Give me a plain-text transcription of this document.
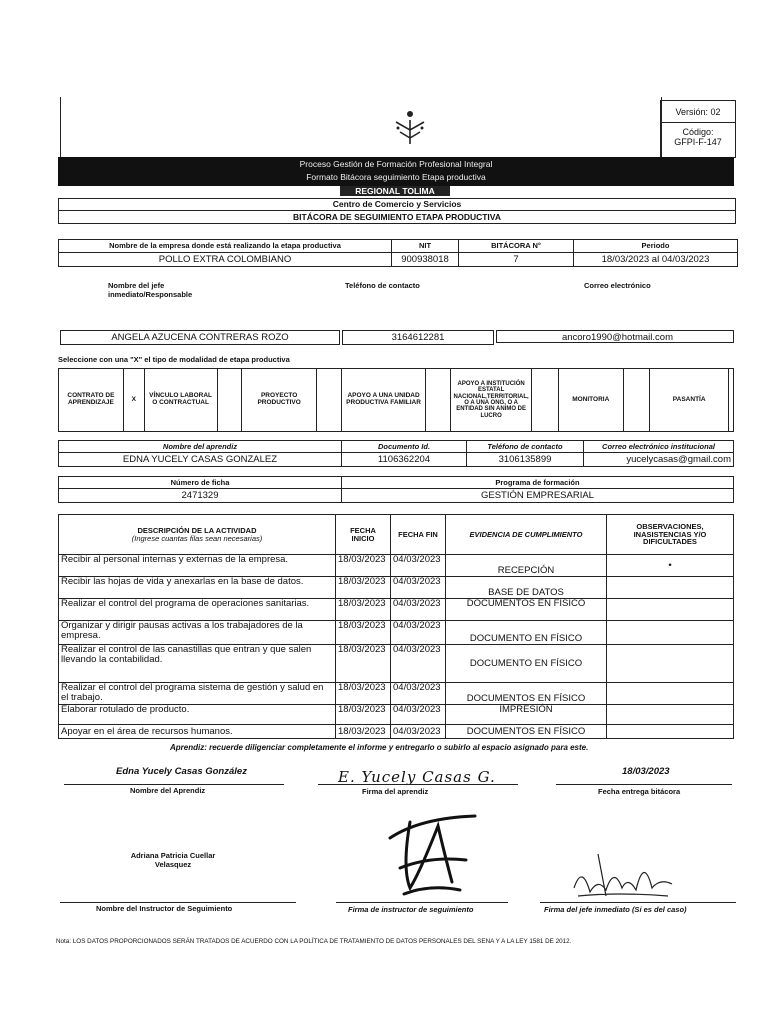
Versión: 02
Código:
GFPI-F-147
Proceso Gestión de Formación Profesional Integral
Formato Bitácora seguimiento Etapa productiva
REGIONAL TOLIMA
Centro de Comercio y Servicios
BITÁCORA DE SEGUIMIENTO ETAPA PRODUCTIVA
Nombre de la empresa donde está realizando la etapa productiva	NIT	BITÁCORA N°	Periodo
POLLO EXTRA COLOMBIANO	900938018	7	18/03/2023 al 04/03/2023
Nombre del jefe inmediato/Responsable
Teléfono de contacto	Correo electrónico
ANGELA AZUCENA CONTRERAS ROZO	3164612281	ancoro1990@hotmail.com
Seleccione con una "X" el tipo de modalidad de etapa productiva
CONTRATO DE APRENDIZAJE	X	VÍNCULO LABORAL O CONTRACTUAL		PROYECTO PRODUCTIVO		APOYO A UNA UNIDAD PRODUCTIVA FAMILIAR		APOYO A INSTITUCIÓN ESTATAL NACIONAL,TERRITORIAL, O A UNA ONG, O A ENTIDAD SIN ANIMO DE LUCRO		MONITORIA		PASANTÍA	
Nombre del aprendiz	Documento Id.	Teléfono de contacto	Correo electrónico institucional
EDNA YUCELY CASAS GONZALEZ	1106362204	3106135899	yucelycasas@gmail.com
Número de ficha	Programa de formación
2471329	GESTIÓN EMPRESARIAL
DESCRIPCIÓN DE LA ACTIVIDAD
(Ingrese cuantas filas sean necesarias)	FECHA INICIO	FECHA FIN	EVIDENCIA DE CUMPLIMIENTO	OBSERVACIONES, INASISTENCIAS Y/O DIFICULTADES
Recibir al personal internas y externas de la empresa.	18/03/2023	04/03/2023	RECEPCIÓN	•
Recibir las hojas de vida y anexarlas en la base de datos.	18/03/2023	04/03/2023	BASE DE DATOS	
Realizar el control del programa de operaciones sanitarias.	18/03/2023	04/03/2023	DOCUMENTOS EN FÍSICO	
Organizar y dirigir pausas activas a los trabajadores de la empresa.	18/03/2023	04/03/2023	DOCUMENTO EN FÍSICO	
Realizar el control de las canastillas que entran y que salen llevando la contabilidad.	18/03/2023	04/03/2023	DOCUMENTO EN FÍSICO	
Realizar el control del programa sistema de gestión y salud en el trabajo.	18/03/2023	04/03/2023	DOCUMENTOS EN FÍSICO	
Elaborar rotulado de producto.	18/03/2023	04/03/2023	IMPRESIÓN	
Apoyar en el área de recursos humanos.	18/03/2023	04/03/2023	DOCUMENTOS EN FÍSICO	
Aprendiz: recuerde diligenciar completamente el informe y entregarlo o subirlo al espacio asignado para este.
Edna Yucely Casas González	E. Yucely Casas G.	18/03/2023
Nombre del Aprendiz	Firma del aprendiz	Fecha entrega bitácora
Adriana Patricia Cuellar Velasquez
Nombre del Instructor de Seguimiento	Firma de instructor de seguimiento	Firma del jefe inmediato (Si es del caso)
Nota: LOS DATOS PROPORCIONADOS SERÁN TRATADOS DE ACUERDO CON LA POLÍTICA DE TRATAMIENTO DE DATOS PERSONALES DEL SENA Y A LA LEY 1581 DE 2012.
